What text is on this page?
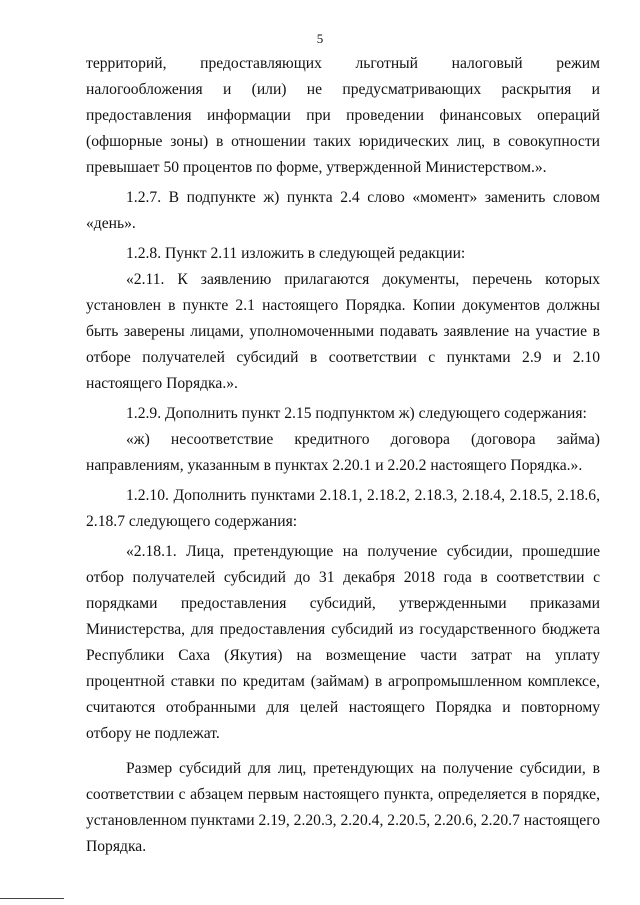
5

территорий, предоставляющих льготный налоговый режим налогообложения и (или) не предусматривающих раскрытия и предоставления информации при проведении финансовых операций (офшорные зоны) в отношении таких юридических лиц, в совокупности превышает 50 процентов по форме, утвержденной Министерством.».

1.2.7. В подпункте ж) пункта 2.4 слово «момент» заменить словом «день».

1.2.8. Пункт 2.11 изложить в следующей редакции:

«2.11. К заявлению прилагаются документы, перечень которых установлен в пункте 2.1 настоящего Порядка. Копии документов должны быть заверены лицами, уполномоченными подавать заявление на участие в отборе получателей субсидий в соответствии с пунктами 2.9 и 2.10 настоящего Порядка.».

1.2.9. Дополнить пункт 2.15 подпунктом ж) следующего содержания:

«ж) несоответствие кредитного договора (договора займа) направлениям, указанным в пунктах 2.20.1 и 2.20.2 настоящего Порядка.».

1.2.10. Дополнить пунктами 2.18.1, 2.18.2, 2.18.3, 2.18.4, 2.18.5, 2.18.6, 2.18.7 следующего содержания:

«2.18.1. Лица, претендующие на получение субсидии, прошедшие отбор получателей субсидий до 31 декабря 2018 года в соответствии с порядками предоставления субсидий, утвержденными приказами Министерства, для предоставления субсидий из государственного бюджета Республики Саха (Якутия) на возмещение части затрат на уплату процентной ставки по кредитам (займам) в агропромышленном комплексе, считаются отобранными для целей настоящего Порядка и повторному отбору не подлежат.

Размер субсидий для лиц, претендующих на получение субсидии, в соответствии с абзацем первым настоящего пункта, определяется в порядке, установленном пунктами 2.19, 2.20.3, 2.20.4, 2.20.5, 2.20.6, 2.20.7 настоящего Порядка.
